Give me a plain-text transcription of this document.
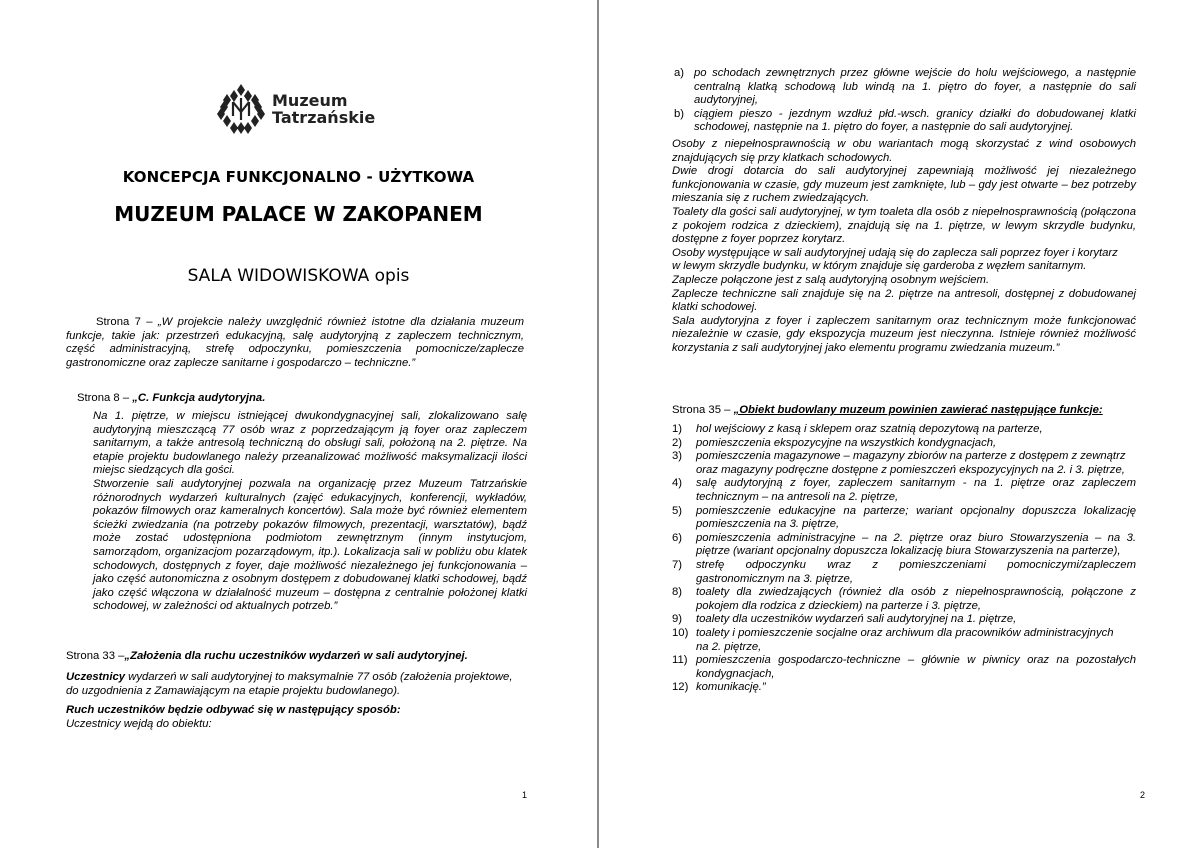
Muzeum
Tatrzańskie
KONCEPCJA FUNKCJONALNO - UŻYTKOWA
MUZEUM PALACE W ZAKOPANEM
SALA WIDOWISKOWA opis
Strona 7 – „W projekcie należy uwzględnić również istotne dla działania muzeum funkcje, takie jak: przestrzeń edukacyjną, salę audytoryjną z zapleczem technicznym, część administracyjną, strefę odpoczynku, pomieszczenia pomocnicze/zaplecze gastronomiczne oraz zaplecze sanitarne i gospodarczo – techniczne.”
Strona 8 – „C. Funkcja audytoryjna.

Na 1. piętrze, w miejscu istniejącej dwukondygnacyjnej sali, zlokalizowano salę audytoryjną mieszczącą 77 osób wraz z poprzedzającym ją foyer oraz zapleczem sanitarnym, a także antresolą techniczną do obsługi sali, położoną na 2. piętrze. Na etapie projektu budowlanego należy przeanalizować możliwość maksymalizacji ilości miejsc siedzących dla gości.

Stworzenie sali audytoryjnej pozwala na organizację przez Muzeum Tatrzańskie różnorodnych wydarzeń kulturalnych (zajęć edukacyjnych, konferencji, wykładów, pokazów filmowych oraz kameralnych koncertów). Sala może być również elementem ścieżki zwiedzania (na potrzeby pokazów filmowych, prezentacji, warsztatów), bądź może zostać udostępniona podmiotom zewnętrznym (innym instytucjom, samorządom, organizacjom pozarządowym, itp.). Lokalizacja sali w pobliżu obu klatek schodowych, dostępnych z foyer, daje możliwość niezależnego jej funkcjonowania – jako część autonomiczna z osobnym dostępem z dobudowanej klatki schodowej, bądź jako część włączona w działalność muzeum – dostępna z centralnie położonej klatki schodowej, w zależności od aktualnych potrzeb.”

Strona 33 –„Założenia dla ruchu uczestników wydarzeń w sali audytoryjnej.

Uczestnicy wydarzeń w sali audytoryjnej to maksymalnie 77 osób (założenia projektowe,

do uzgodnienia z Zamawiającym na etapie projektu budowlanego).

Ruch uczestników będzie odbywać się w następujący sposób:

Uczestnicy wejdą do obiektu:

1
a) po schodach zewnętrznych przez główne wejście do holu wejściowego, a następnie centralną klatką schodową lub windą na 1. piętro do foyer, a następnie do sali audytoryjnej,
b) ciągiem pieszo - jezdnym wzdłuż płd.-wsch. granicy działki do dobudowanej klatki schodowej, następnie na 1. piętro do foyer, a następnie do sali audytoryjnej.

Osoby z niepełnosprawnością w obu wariantach mogą skorzystać z wind osobowych znajdujących się przy klatkach schodowych.

Dwie drogi dotarcia do sali audytoryjnej zapewniają możliwość jej niezależnego funkcjonowania w czasie, gdy muzeum jest zamknięte, lub – gdy jest otwarte – bez potrzeby mieszania się z ruchem zwiedzających.

Toalety dla gości sali audytoryjnej, w tym toaleta dla osób z niepełnosprawnością (połączona z pokojem rodzica z dzieckiem), znajdują się na 1. piętrze, w lewym skrzydle budynku, dostępne z foyer poprzez korytarz.

Osoby występujące w sali audytoryjnej udają się do zaplecza sali poprzez foyer i korytarz

w lewym skrzydle budynku, w którym znajduje się garderoba z węzłem sanitarnym.

Zaplecze połączone jest z salą audytoryjną osobnym wejściem.

Zaplecze techniczne sali znajduje się na 2. piętrze na antresoli, dostępnej z dobudowanej klatki schodowej.

Sala audytoryjna z foyer i zapleczem sanitarnym oraz technicznym może funkcjonować niezależnie w czasie, gdy ekspozycja muzeum jest nieczynna. Istnieje również możliwość korzystania z sali audytoryjnej jako elementu programu zwiedzania muzeum.”

Strona 35 – „Obiekt budowlany muzeum powinien zawierać następujące funkcje:
1) hol wejściowy z kasą i sklepem oraz szatnią depozytową na parterze,
2) pomieszczenia ekspozycyjne na wszystkich kondygnacjach,
3) pomieszczenia magazynowe – magazyny zbiorów na parterze z dostępem z zewnątrz
oraz magazyny podręczne dostępne z pomieszczeń ekspozycyjnych na 2. i 3. piętrze,
4) salę audytoryjną z foyer, zapleczem sanitarnym - na 1. piętrze oraz zapleczem technicznym – na antresoli na 2. piętrze,
5) pomieszczenie edukacyjne na parterze; wariant opcjonalny dopuszcza lokalizację pomieszczenia na 3. piętrze,
6) pomieszczenia administracyjne – na 2. piętrze oraz biuro Stowarzyszenia – na 3. piętrze (wariant opcjonalny dopuszcza lokalizację biura Stowarzyszenia na parterze),
7) strefę odpoczynku wraz z pomieszczeniami pomocniczymi/zapleczem gastronomicznym na 3. piętrze,
8) toalety dla zwiedzających (również dla osób z niepełnosprawnością, połączone z pokojem dla rodzica z dzieckiem) na parterze i 3. piętrze,
9) toalety dla uczestników wydarzeń sali audytoryjnej na 1. piętrze,
10) toalety i pomieszczenie socjalne oraz archiwum dla pracowników administracyjnych
na 2. piętrze,
11) pomieszczenia gospodarczo-techniczne – głównie w piwnicy oraz na pozostałych kondygnacjach,
12) komunikację.”
2
